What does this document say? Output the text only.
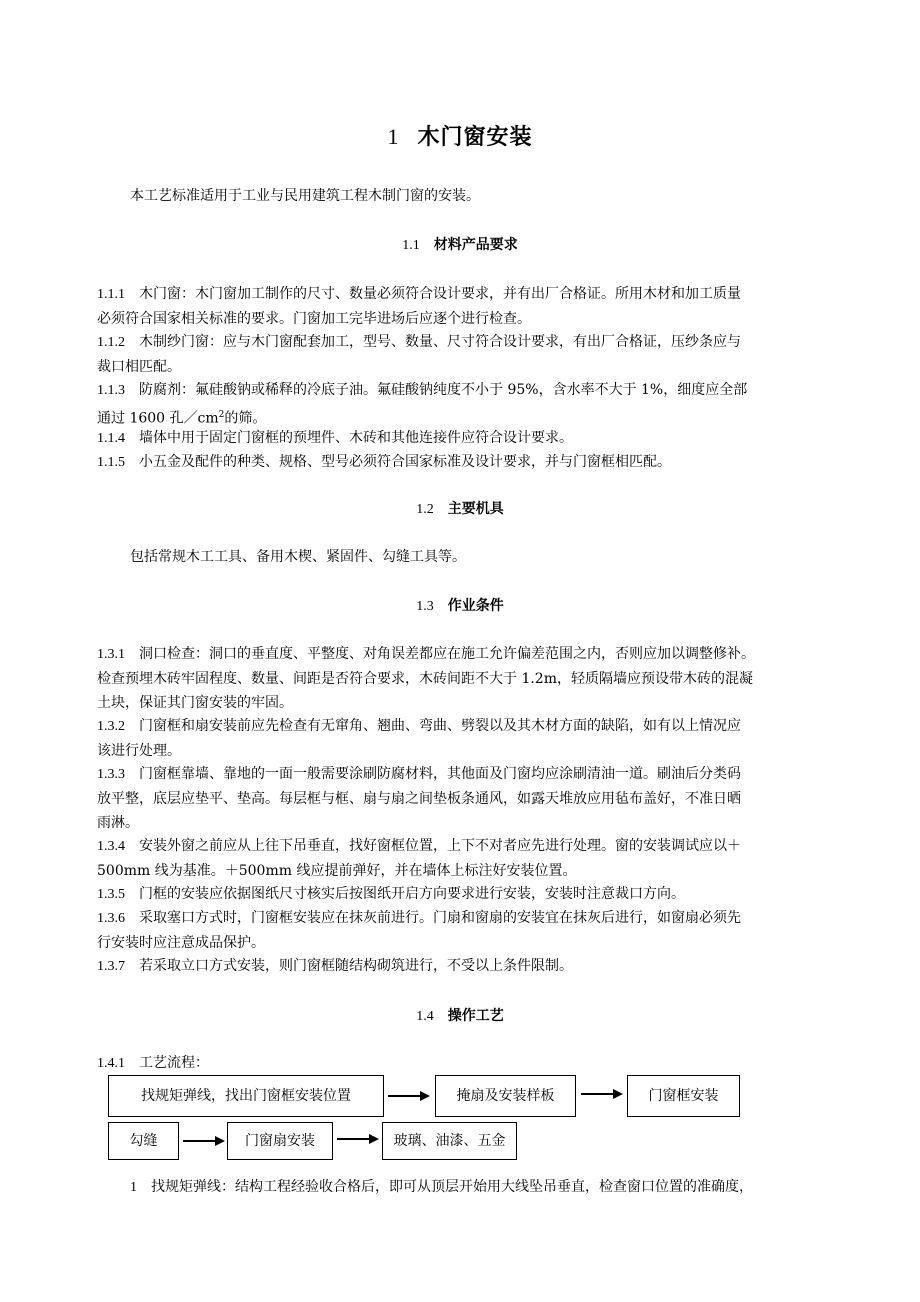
1 木门窗安装
本工艺标准适用于工业与民用建筑工程木制门窗的安装。
1.1 材料产品要求
1.1.1 木门窗：木门窗加工制作的尺寸、数量必须符合设计要求，并有出厂合格证。所用木材和加工质量
必须符合国家相关标准的要求。门窗加工完毕进场后应逐个进行检查。
1.1.2 木制纱门窗：应与木门窗配套加工，型号、数量、尺寸符合设计要求，有出厂合格证，压纱条应与
裁口相匹配。
1.1.3 防腐剂：氟硅酸钠或稀释的冷底子油。氟硅酸钠纯度不小于 95%，含水率不大于 1%，细度应全部
通过 1600 孔$/cm^2$的筛。
1.1.4 墙体中用于固定门窗框的预埋件、木砖和其他连接件应符合设计要求。
1.1.5 小五金及配件的种类、规格、型号必须符合国家标准及设计要求，并与门窗框相匹配。
1.2 主要机具
包括常规木工工具、备用木楔、紧固件、勾缝工具等。
1.3 作业条件
1.3.1 洞口检查：洞口的垂直度、平整度、对角误差都应在施工允许偏差范围之内，否则应加以调整修补。
检查预埋木砖牢固程度、数量、间距是否符合要求，木砖间距不大于 1.2m，轻质隔墙应预设带木砖的混凝
土块，保证其门窗安装的牢固。
1.3.2 门窗框和扇安装前应先检查有无窜角、翘曲、弯曲、劈裂以及其木材方面的缺陷，如有以上情况应
该进行处理。
1.3.3 门窗框靠墙、靠地的一面一般需要涂刷防腐材料，其他面及门窗均应涂刷清油一道。刷油后分类码
放平整，底层应垫平、垫高。每层框与框、扇与扇之间垫板条通风，如露天堆放应用毡布盖好，不准日晒
雨淋。
1.3.4 安装外窗之前应从上往下吊垂直，找好窗框位置，上下不对者应先进行处理。窗的安装调试应以＋
500mm 线为基准。＋500mm 线应提前弹好，并在墙体上标注好安装位置。
1.3.5 门框的安装应依据图纸尺寸核实后按图纸开启方向要求进行安装，安装时注意裁口方向。
1.3.6 采取塞口方式时，门窗框安装应在抹灰前进行。门扇和窗扇的安装宜在抹灰后进行，如窗扇必须先
行安装时应注意成品保护。
1.3.7 若采取立口方式安装，则门窗框随结构砌筑进行，不受以上条件限制。
1.4 操作工艺
1.4.1 工艺流程：
找规矩弹线，找出门窗框安装位置	掩扇及安装样板	门窗框安装
勾缝	门窗扇安装	玻璃、油漆、五金
1 找规矩弹线：结构工程经验收合格后，即可从顶层开始用大线坠吊垂直，检查窗口位置的准确度，
